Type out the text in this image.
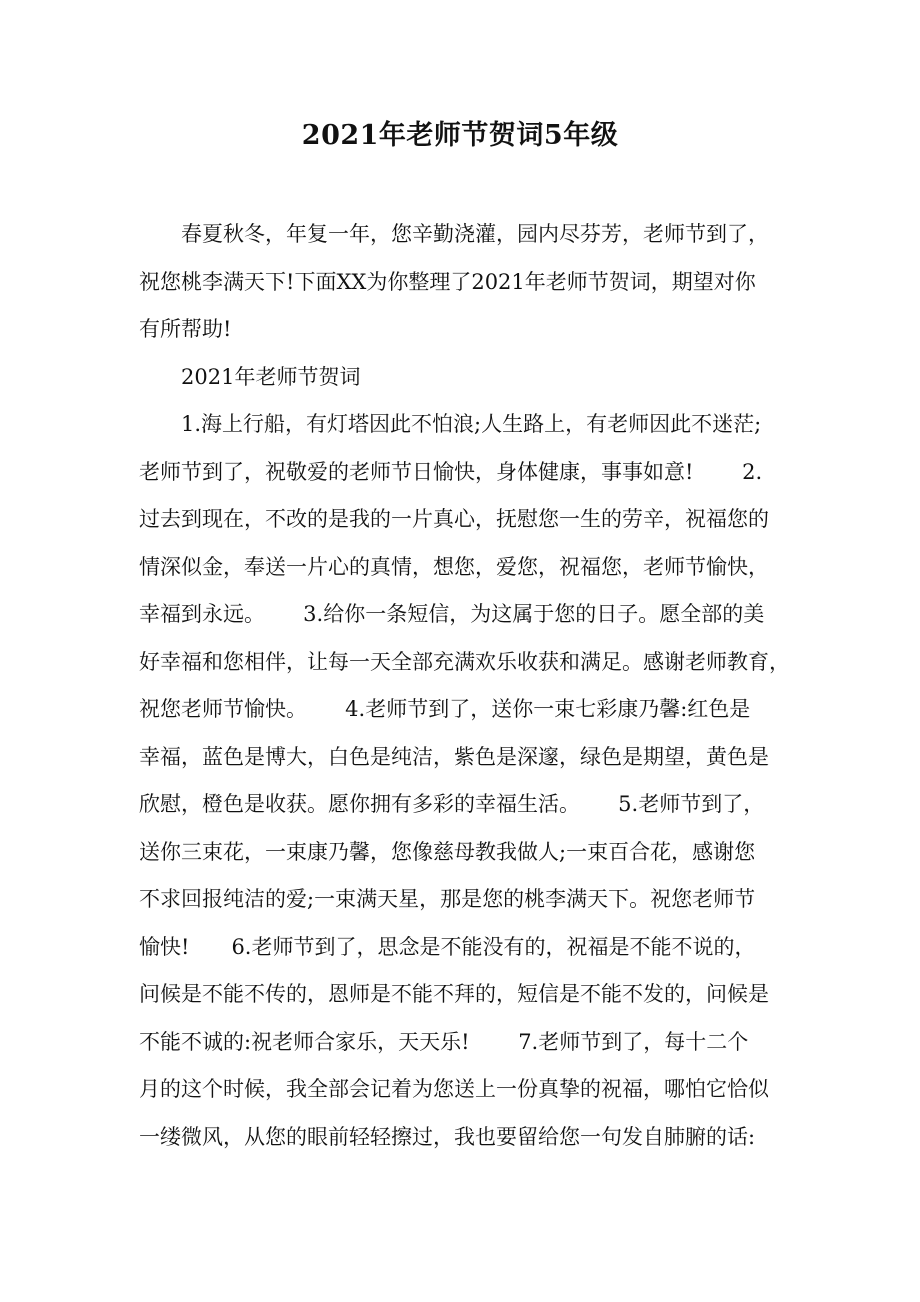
2021年老师节贺词5年级

　　春夏秋冬，年复一年，您辛勤浇灌，园内尽芬芳，老师节到了，

祝您桃李满天下!下面XX为你整理了2021年老师节贺词，期望对你

有所帮助!

　　2021年老师节贺词

　　1.海上行船，有灯塔因此不怕浪;人生路上，有老师因此不迷茫;

老师节到了，祝敬爱的老师节日愉快，身体健康，事事如意!　　 2.

过去到现在，不改的是我的一片真心，抚慰您一生的劳辛，祝福您的

情深似金，奉送一片心的真情，想您，爱您，祝福您，老师节愉快，

幸福到永远。　　 3.给你一条短信，为这属于您的日子。愿全部的美

好幸福和您相伴，让每一天全部充满欢乐收获和满足。感谢老师教育，

祝您老师节愉快。　　 4.老师节到了，送你一束七彩康乃馨:红色是

幸福，蓝色是博大，白色是纯洁，紫色是深邃，绿色是期望，黄色是

欣慰，橙色是收获。愿你拥有多彩的幸福生活。　　 5.老师节到了，

送你三束花，一束康乃馨，您像慈母教我做人;一束百合花，感谢您

不求回报纯洁的爱;一束满天星，那是您的桃李满天下。祝您老师节

愉快!　　6.老师节到了，思念是不能没有的，祝福是不能不说的，

问候是不能不传的，恩师是不能不拜的，短信是不能不发的，问候是

不能不诚的:祝老师合家乐，天天乐!　　 7.老师节到了，每十二个

月的这个时候，我全部会记着为您送上一份真挚的祝福，哪怕它恰似

一缕微风，从您的眼前轻轻擦过，我也要留给您一句发自肺腑的话:
